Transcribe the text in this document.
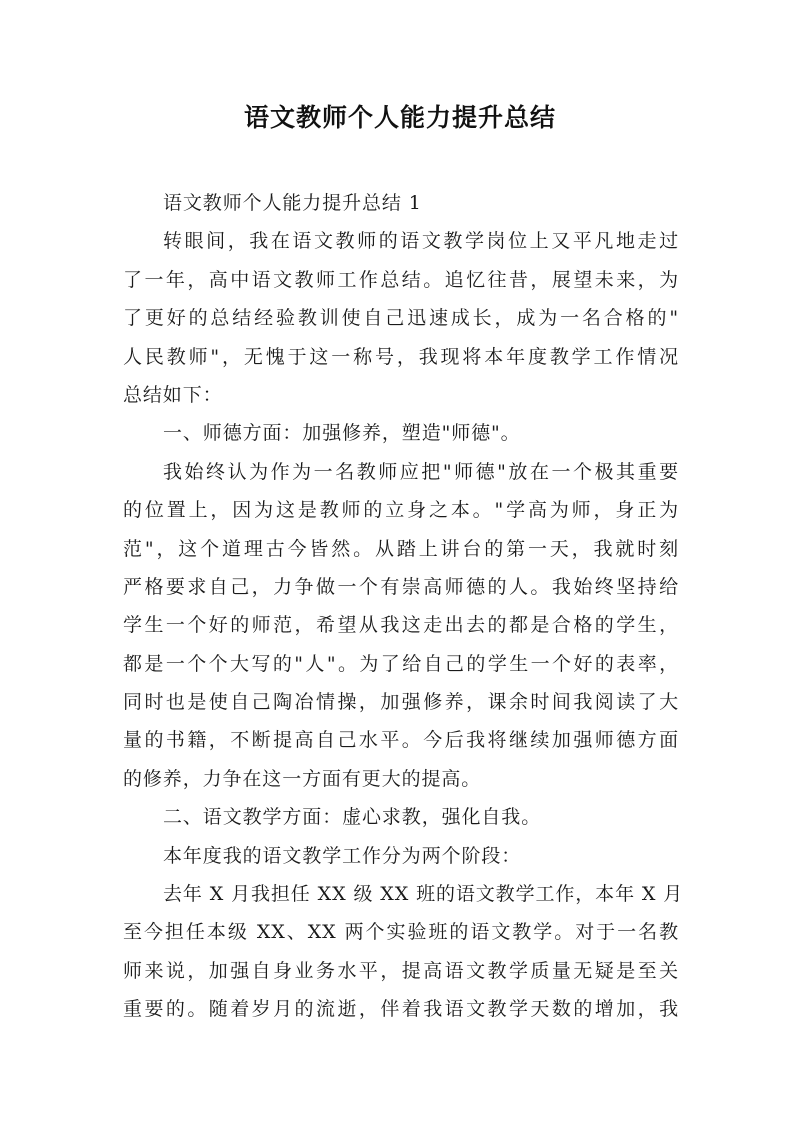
语文教师个人能力提升总结
语文教师个人能力提升总结 1
转眼间，我在语文教师的语文教学岗位上又平凡地走过
了一年，高中语文教师工作总结。追忆往昔，展望未来，为
了更好的总结经验教训使自己迅速成长，成为一名合格的"
人民教师"，无愧于这一称号，我现将本年度教学工作情况
总结如下：
一、师德方面：加强修养，塑造"师德"。
我始终认为作为一名教师应把"师德"放在一个极其重要
的位置上，因为这是教师的立身之本。"学高为师，身正为
范"，这个道理古今皆然。从踏上讲台的第一天，我就时刻
严格要求自己，力争做一个有崇高师德的人。我始终坚持给
学生一个好的师范，希望从我这走出去的都是合格的学生，
都是一个个大写的"人"。为了给自己的学生一个好的表率，
同时也是使自己陶冶情操，加强修养，课余时间我阅读了大
量的书籍，不断提高自己水平。今后我将继续加强师德方面
的修养，力争在这一方面有更大的提高。
二、语文教学方面：虚心求教，强化自我。
本年度我的语文教学工作分为两个阶段：
去年 X 月我担任 XX 级 XX 班的语文教学工作，本年 X 月
至今担任本级 XX、XX 两个实验班的语文教学。对于一名教
师来说，加强自身业务水平，提高语文教学质量无疑是至关
重要的。随着岁月的流逝，伴着我语文教学天数的增加，我
